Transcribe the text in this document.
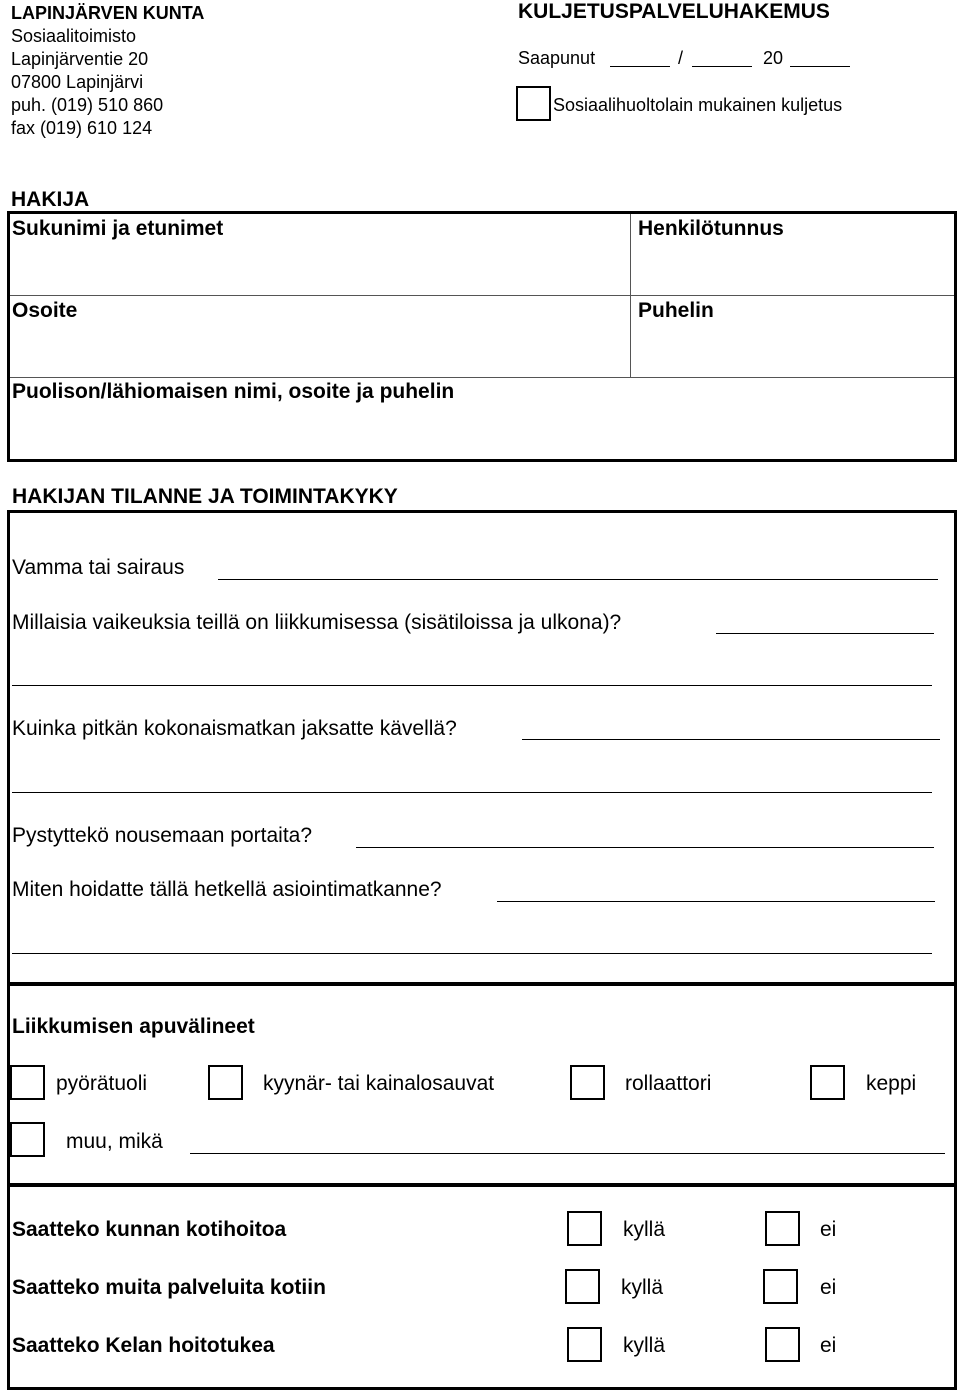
LAPINJÄRVEN KUNTA
Sosiaalitoimisto
Lapinjärventie 20
07800 Lapinjärvi
puh. (019) 510 860
fax (019) 610 124
KULJETUSPALVELUHAKEMUS
Saapunut	/	20
Sosiaalihuoltolain mukainen kuljetus
HAKIJA
Sukunimi ja etunimet	Henkilötunnus
Osoite	Puhelin
Puolison/lähiomaisen nimi, osoite ja puhelin
HAKIJAN TILANNE JA TOIMINTAKYKY
Vamma tai sairaus
Millaisia vaikeuksia teillä on liikkumisessa (sisätiloissa ja ulkona)?
Kuinka pitkän kokonaismatkan jaksatte kävellä?
Pystyttekö nousemaan portaita?
Miten hoidatte tällä hetkellä asiointimatkanne?
Liikkumisen apuvälineet
pyörätuoli	kyynär- tai kainalosauvat	rollaattori	keppi
muu, mikä
Saatteko kunnan kotihoitoa	kyllä	ei
Saatteko muita palveluita kotiin	kyllä	ei
Saatteko Kelan hoitotukea	kyllä	ei
